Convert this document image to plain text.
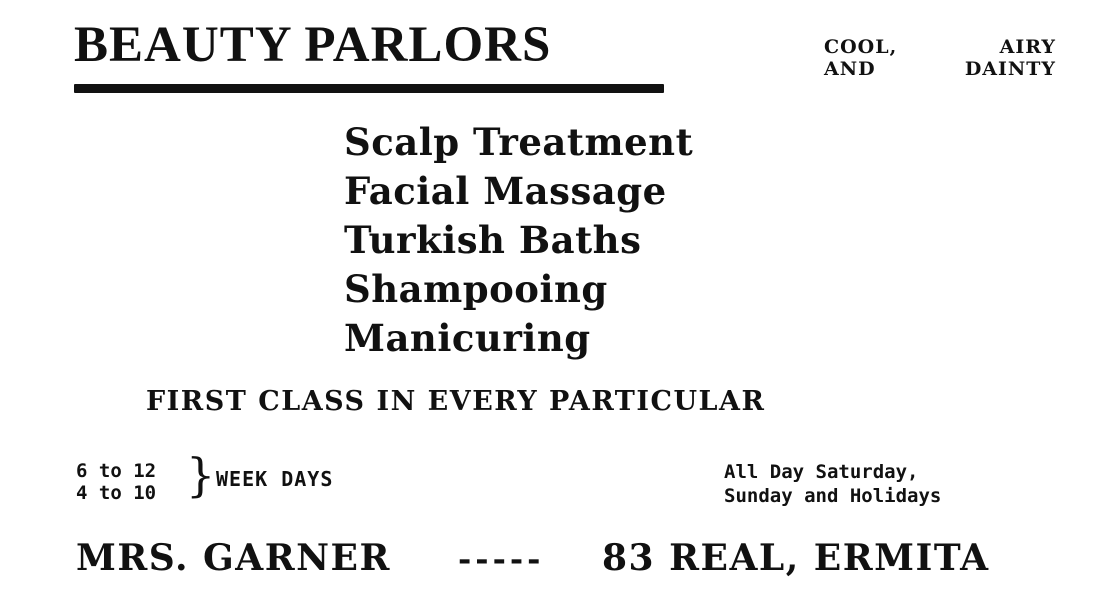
BEAUTY PARLORS	COOL,	AIRY
AND	DAINTY
Scalp Treatment
Facial Massage
Turkish Baths
Shampooing
Manicuring
FIRST CLASS IN EVERY PARTICULAR
6 to 12
4 to 10 } WEEK DAYS	All Day Saturday,
Sunday and Holidays
MRS. GARNER ----- 83 REAL, ERMITA
